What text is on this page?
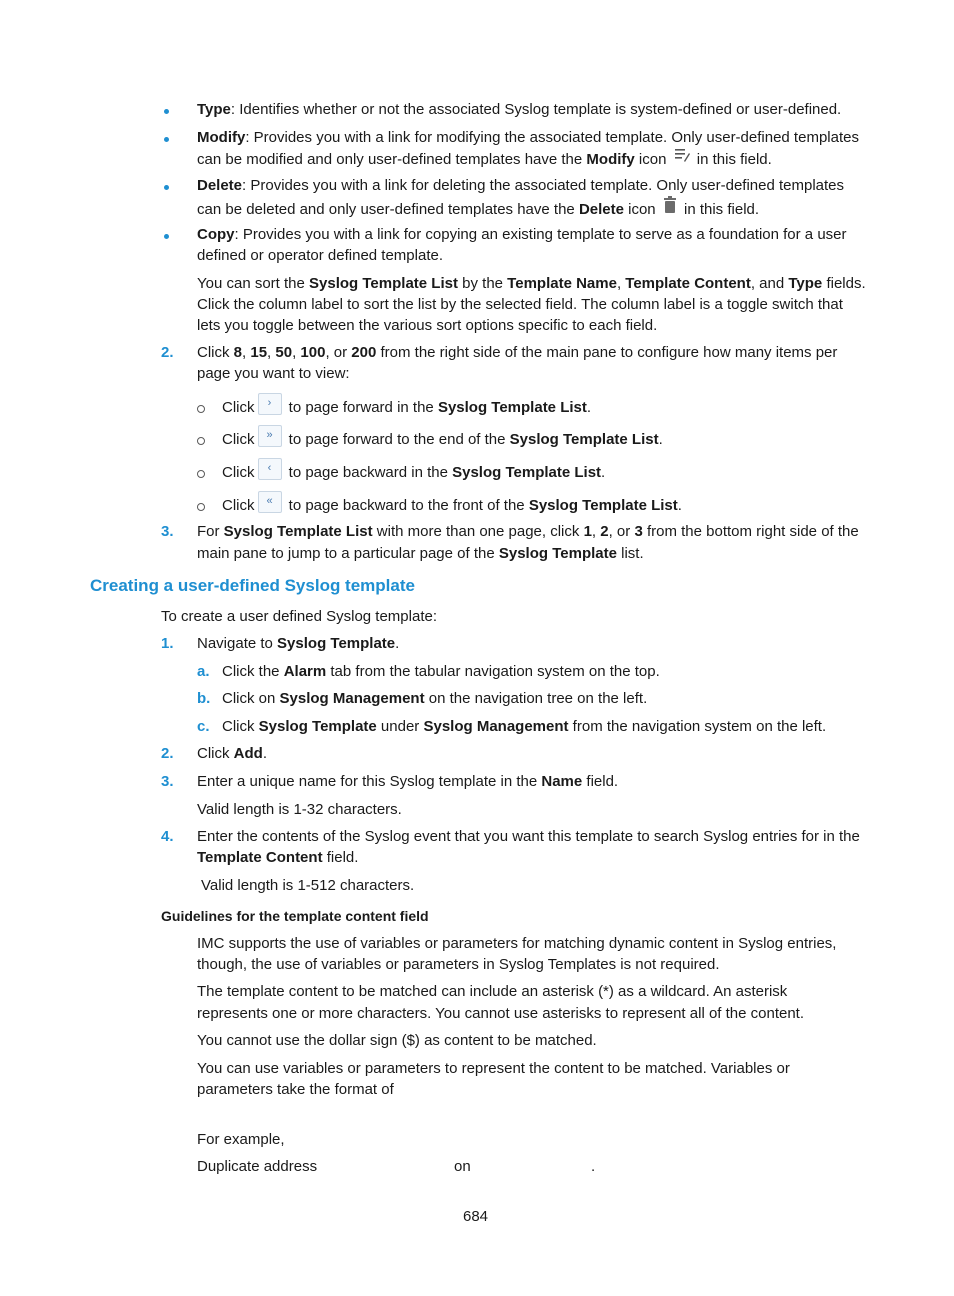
Type: Identifies whether or not the associated Syslog template is system-defined or user-defined.
Modify: Provides you with a link for modifying the associated template. Only user-defined templates
can be modified and only user-defined templates have the Modify icon  in this field.
Delete: Provides you with a link for deleting the associated template. Only user-defined templates
can be deleted and only user-defined templates have the Delete icon  in this field.
Copy: Provides you with a link for copying an existing template to serve as a foundation for a user
defined or operator defined template.
You can sort the Syslog Template List by the Template Name, Template Content, and Type fields.
Click the column label to sort the list by the selected field. The column label is a toggle switch that
lets you toggle between the various sort options specific to each field.
2. Click 8, 15, 50, 100, or 200 from the right side of the main pane to configure how many items per
page you want to view:
Click › to page forward in the Syslog Template List.
Click » to page forward to the end of the Syslog Template List.
Click ‹ to page backward in the Syslog Template List.
Click « to page backward to the front of the Syslog Template List.
3. For Syslog Template List with more than one page, click 1, 2, or 3 from the bottom right side of the
main pane to jump to a particular page of the Syslog Template list.
Creating a user-defined Syslog template
To create a user defined Syslog template:
1. Navigate to Syslog Template.
a. Click the Alarm tab from the tabular navigation system on the top.
b. Click on Syslog Management on the navigation tree on the left.
c. Click Syslog Template under Syslog Management from the navigation system on the left.
2. Click Add.
3. Enter a unique name for this Syslog template in the Name field.
Valid length is 1-32 characters.
4. Enter the contents of the Syslog event that you want this template to search Syslog entries for in the
Template Content field.
Valid length is 1-512 characters.
Guidelines for the template content field
IMC supports the use of variables or parameters for matching dynamic content in Syslog entries,
though, the use of variables or parameters in Syslog Templates is not required.
The template content to be matched can include an asterisk (*) as a wildcard. An asterisk
represents one or more characters. You cannot use asterisks to represent all of the content.
You cannot use the dollar sign ($) as content to be matched.
You can use variables or parameters to represent the content to be matched. Variables or
parameters take the format of
For example,
Duplicate address	on	.
684
